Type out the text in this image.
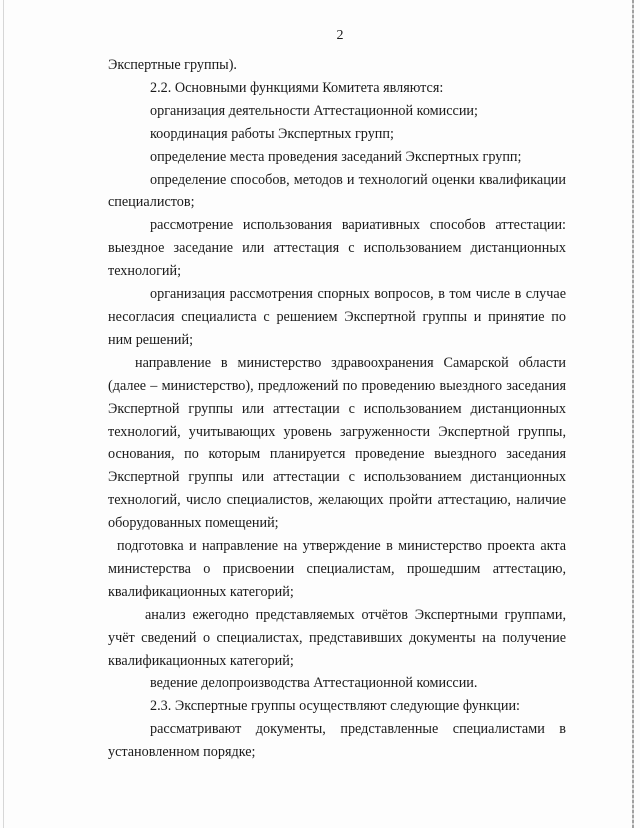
2

Экспертные группы).

2.2. Основными функциями Комитета являются:

организация деятельности Аттестационной комиссии;

координация работы Экспертных групп;

определение места проведения заседаний Экспертных групп;

определение способов, методов и технологий оценки квалификации специалистов;

рассмотрение использования вариативных способов аттестации: выездное заседание или аттестация с использованием дистанционных технологий;

организация рассмотрения спорных вопросов, в том числе в случае несогласия специалиста с решением Экспертной группы и принятие по ним решений;

направление в министерство здравоохранения Самарской области (далее – министерство), предложений по проведению выездного заседания Экспертной группы или аттестации с использованием дистанционных технологий, учитывающих уровень загруженности Экспертной группы, основания, по которым планируется проведение выездного заседания Экспертной группы или аттестации с использованием дистанционных технологий, число специалистов, желающих пройти аттестацию, наличие оборудованных помещений;

подготовка и направление на утверждение в министерство проекта акта министерства о присвоении специалистам, прошедшим аттестацию, квалификационных категорий;

анализ ежегодно представляемых отчётов Экспертными группами, учёт сведений о специалистах, представивших документы на получение квалификационных категорий;

ведение делопроизводства Аттестационной комиссии.

2.3. Экспертные группы осуществляют следующие функции:

рассматривают документы, представленные специалистами в установленном порядке;
